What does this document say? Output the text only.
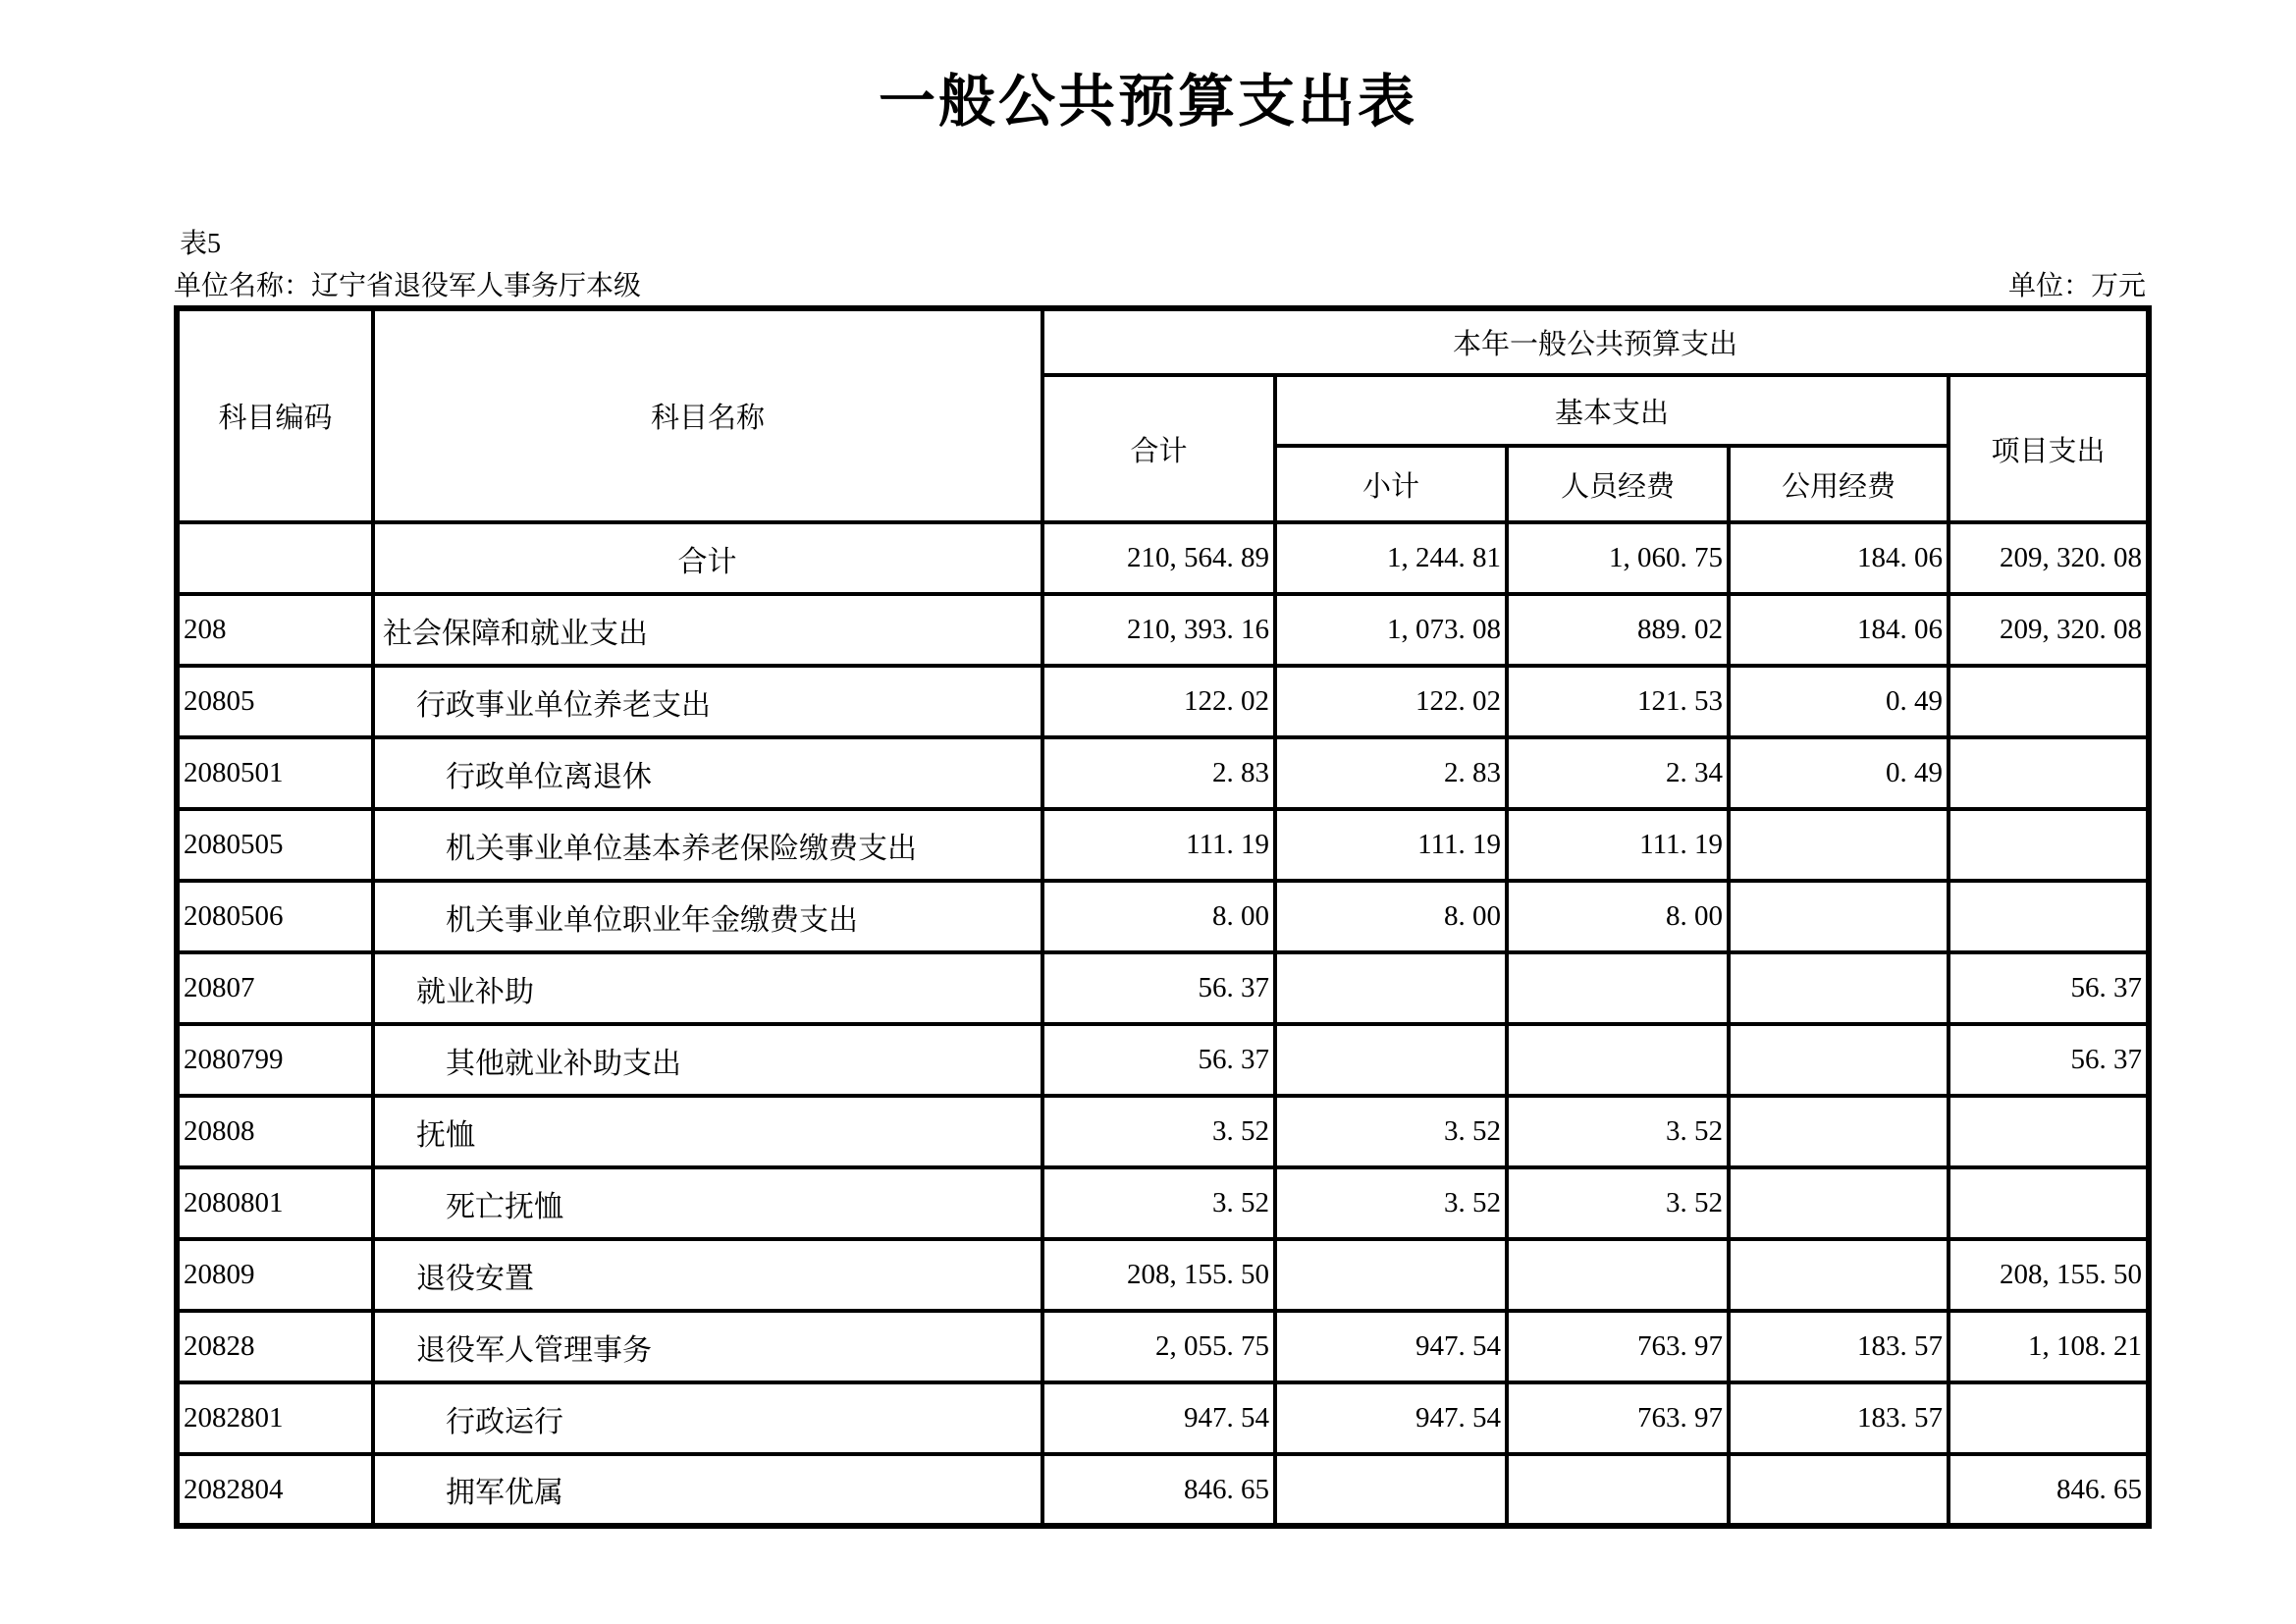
一般公共预算支出表
表5
单位名称：辽宁省退役军人事务厅本级	单位：万元
科目编码	科目名称	本年一般公共预算支出				
		合计	基本支出			项目支出
			小计	人员经费	公用经费	
	合计	210, 564. 89	1, 244. 81	1, 060. 75	184. 06	209, 320. 08
208	社会保障和就业支出	210, 393. 16	1, 073. 08	889. 02	184. 06	209, 320. 08
20805	行政事业单位养老支出	122. 02	122. 02	121. 53	0. 49	
2080501	行政单位离退休	2. 83	2. 83	2. 34	0. 49	
2080505	机关事业单位基本养老保险缴费支出	111. 19	111. 19	111. 19		
2080506	机关事业单位职业年金缴费支出	8. 00	8. 00	8. 00		
20807	就业补助	56. 37				56. 37
2080799	其他就业补助支出	56. 37				56. 37
20808	抚恤	3. 52	3. 52	3. 52		
2080801	死亡抚恤	3. 52	3. 52	3. 52		
20809	退役安置	208, 155. 50				208, 155. 50
20828	退役军人管理事务	2, 055. 75	947. 54	763. 97	183. 57	1, 108. 21
2082801	行政运行	947. 54	947. 54	763. 97	183. 57	
2082804	拥军优属	846. 65				846. 65
